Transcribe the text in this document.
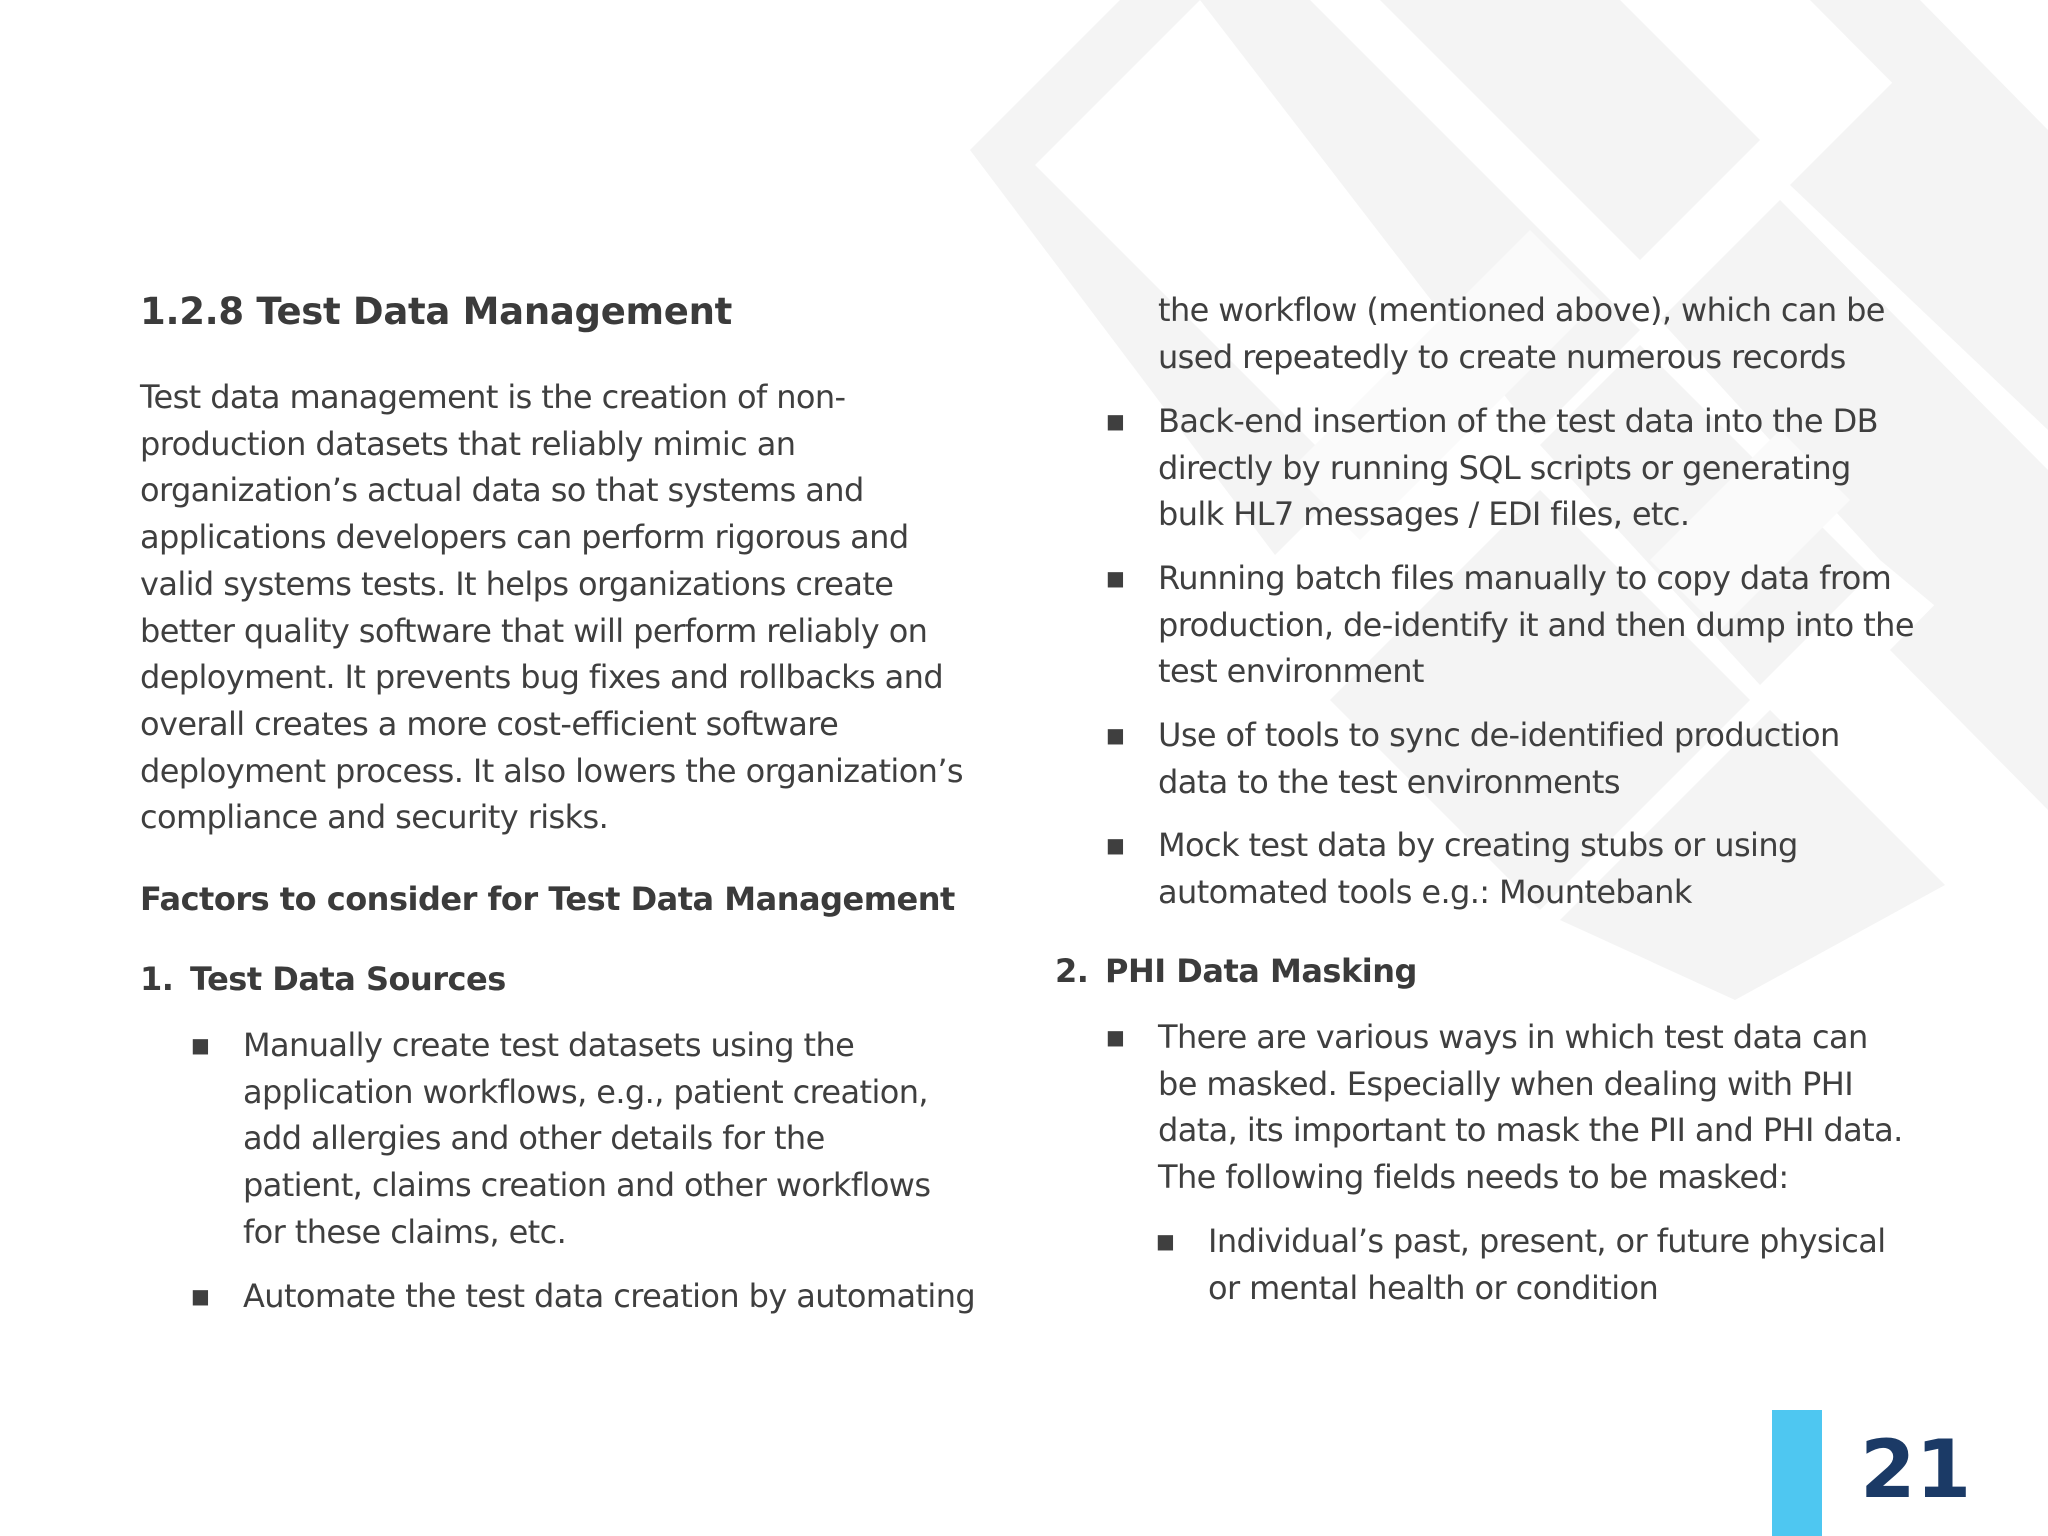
1.2.8 Test Data Management
Test data management is the creation of non-production datasets that reliably mimic an organization’s actual data so that systems and applications developers can perform rigorous and valid systems tests. It helps organizations create better quality software that will perform reliably on deployment. It prevents bug fixes and rollbacks and overall creates a more cost-efficient software deployment process. It also lowers the organization’s compliance and security risks.
Factors to consider for Test Data Management
1. Test Data Sources
■ Manually create test datasets using the application workflows, e.g., patient creation, add allergies and other details for the patient, claims creation and other workflows for these claims, etc.
■ Automate the test data creation by automating
the workflow (mentioned above), which can be used repeatedly to create numerous records
■ Back-end insertion of the test data into the DB directly by running SQL scripts or generating bulk HL7 messages / EDI files, etc.
■ Running batch files manually to copy data from production, de-identify it and then dump into the test environment
■ Use of tools to sync de-identified production data to the test environments
■ Mock test data by creating stubs or using automated tools e.g.: Mountebank
2. PHI Data Masking
■ There are various ways in which test data can be masked. Especially when dealing with PHI data, its important to mask the PII and PHI data. The following fields needs to be masked:
■ Individual’s past, present, or future physical or mental health or condition
21
